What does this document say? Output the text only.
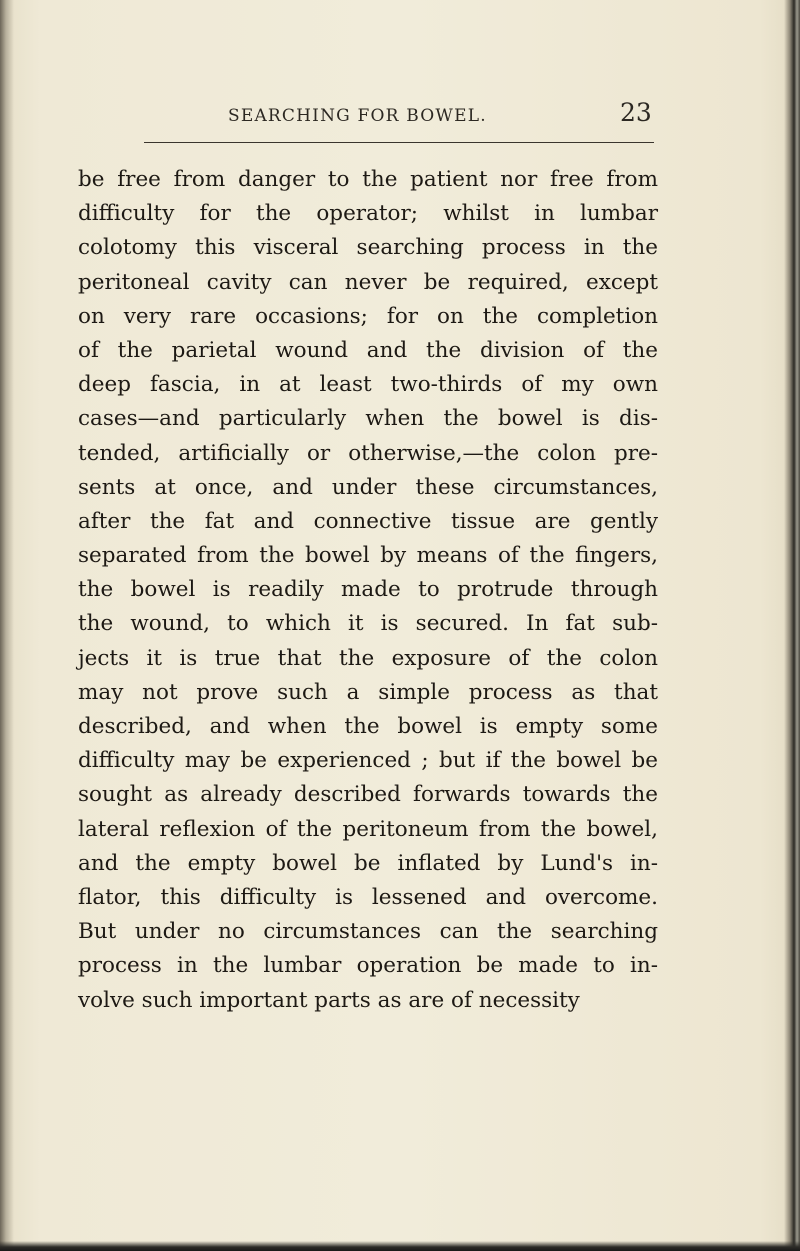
SEARCHING FOR BOWEL.	23
be free from danger to the patient nor free from
difficulty for the operator; whilst in lumbar
colotomy this visceral searching process in the
peritoneal cavity can never be required, except
on very rare occasions; for on the completion
of the parietal wound and the division of the
deep fascia, in at least two-thirds of my own
cases—and particularly when the bowel is dis-
tended, artificially or otherwise,—the colon pre-
sents at once, and under these circumstances,
after the fat and connective tissue are gently
separated from the bowel by means of the fingers,
the bowel is readily made to protrude through
the wound, to which it is secured. In fat sub-
jects it is true that the exposure of the colon
may not prove such a simple process as that
described, and when the bowel is empty some
difficulty may be experienced ; but if the bowel be
sought as already described forwards towards the
lateral reflexion of the peritoneum from the bowel,
and the empty bowel be inflated by Lund's in-
flator, this difficulty is lessened and overcome.
But under no circumstances can the searching
process in the lumbar operation be made to in-
volve such important parts as are of necessity
